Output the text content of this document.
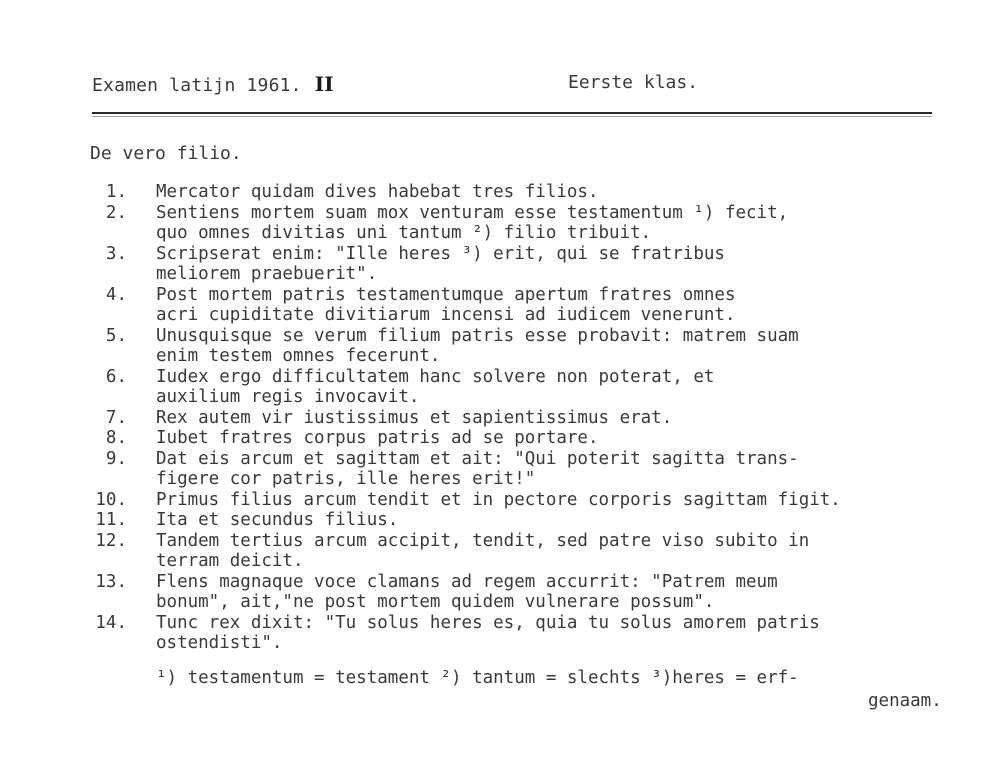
Examen latijn 1961. II	Eerste klas.
De vero filio.
1. Mercator quidam dives habebat tres filios.
2. Sentiens mortem suam mox venturam esse testamentum ¹) fecit,
quo omnes divitias uni tantum ²) filio tribuit.
3. Scripserat enim: "Ille heres ³) erit, qui se fratribus
meliorem praebuerit".
4. Post mortem patris testamentumque apertum fratres omnes
acri cupiditate divitiarum incensi ad iudicem venerunt.
5. Unusquisque se verum filium patris esse probavit: matrem suam
enim testem omnes fecerunt.
6. Iudex ergo difficultatem hanc solvere non poterat, et
auxilium regis invocavit.
7. Rex autem vir iustissimus et sapientissimus erat.
8. Iubet fratres corpus patris ad se portare.
9. Dat eis arcum et sagittam et ait: "Qui poterit sagitta trans-
figere cor patris, ille heres erit!"
10. Primus filius arcum tendit et in pectore corporis sagittam figit.
11. Ita et secundus filius.
12. Tandem tertius arcum accipit, tendit, sed patre viso subito in
terram deicit.
13. Flens magnaque voce clamans ad regem accurrit: "Patrem meum
bonum", ait,"ne post mortem quidem vulnerare possum".
14. Tunc rex dixit: "Tu solus heres es, quia tu solus amorem patris
ostendisti".
¹) testamentum = testament ²) tantum = slechts ³)heres = erf-
genaam.
